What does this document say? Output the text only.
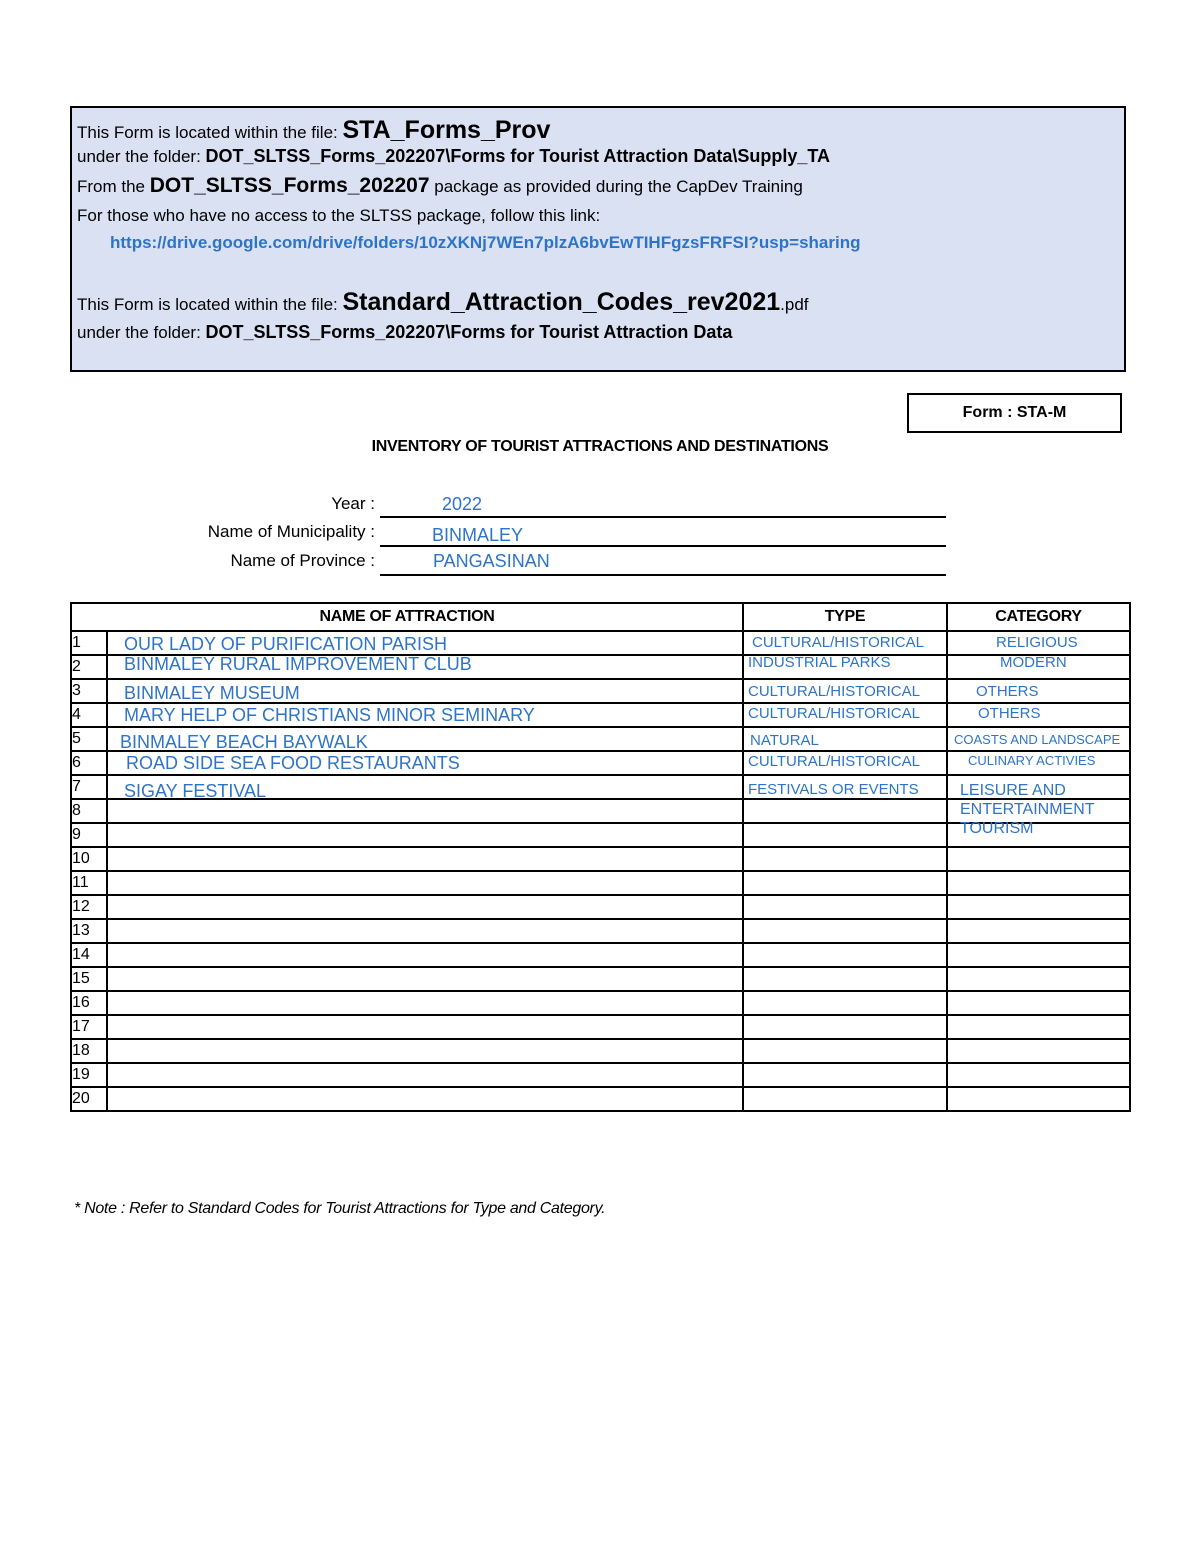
This Form is located within the file: STA_Forms_Prov
under the folder: DOT_SLTSS_Forms_202207\Forms for Tourist Attraction Data\Supply_TA
From the DOT_SLTSS_Forms_202207 package as provided during the CapDev Training
For those who have no access to the SLTSS package, follow this link:
https://drive.google.com/drive/folders/10zXKNj7WEn7plzA6bvEwTIHFgzsFRFSI?usp=sharing
This Form is located within the file: Standard_Attraction_Codes_rev2021.pdf
under the folder: DOT_SLTSS_Forms_202207\Forms for Tourist Attraction Data
Form : STA-M
INVENTORY OF TOURIST ATTRACTIONS AND DESTINATIONS
Year :	2022
Name of Municipality :	BINMALEY
Name of Province :	PANGASINAN
NAME OF ATTRACTION		TYPE	CATEGORY
1	OUR LADY OF PURIFICATION PARISH	CULTURAL/HISTORICAL	RELIGIOUS

2	BINMALEY RURAL IMPROVEMENT CLUB	INDUSTRIAL PARKS	MODERN

3	BINMALEY MUSEUM	CULTURAL/HISTORICAL	OTHERS

4	MARY HELP OF CHRISTIANS MINOR SEMINARY	CULTURAL/HISTORICAL	OTHERS

5	BINMALEY BEACH BAYWALK	NATURAL	COASTS AND LANDSCAPE

6	ROAD SIDE SEA FOOD RESTAURANTS	CULTURAL/HISTORICAL	CULINARY ACTIVIES

7	SIGAY FESTIVAL	FESTIVALS OR EVENTS	LEISURE AND ENTERTAINMENT TOURISM

8	

9	

10	

11	

12	

13	

14	

15	

16	

17	

18	

19	

20	

* Note : Refer to Standard Codes for Tourist Attractions for Type and Category.
